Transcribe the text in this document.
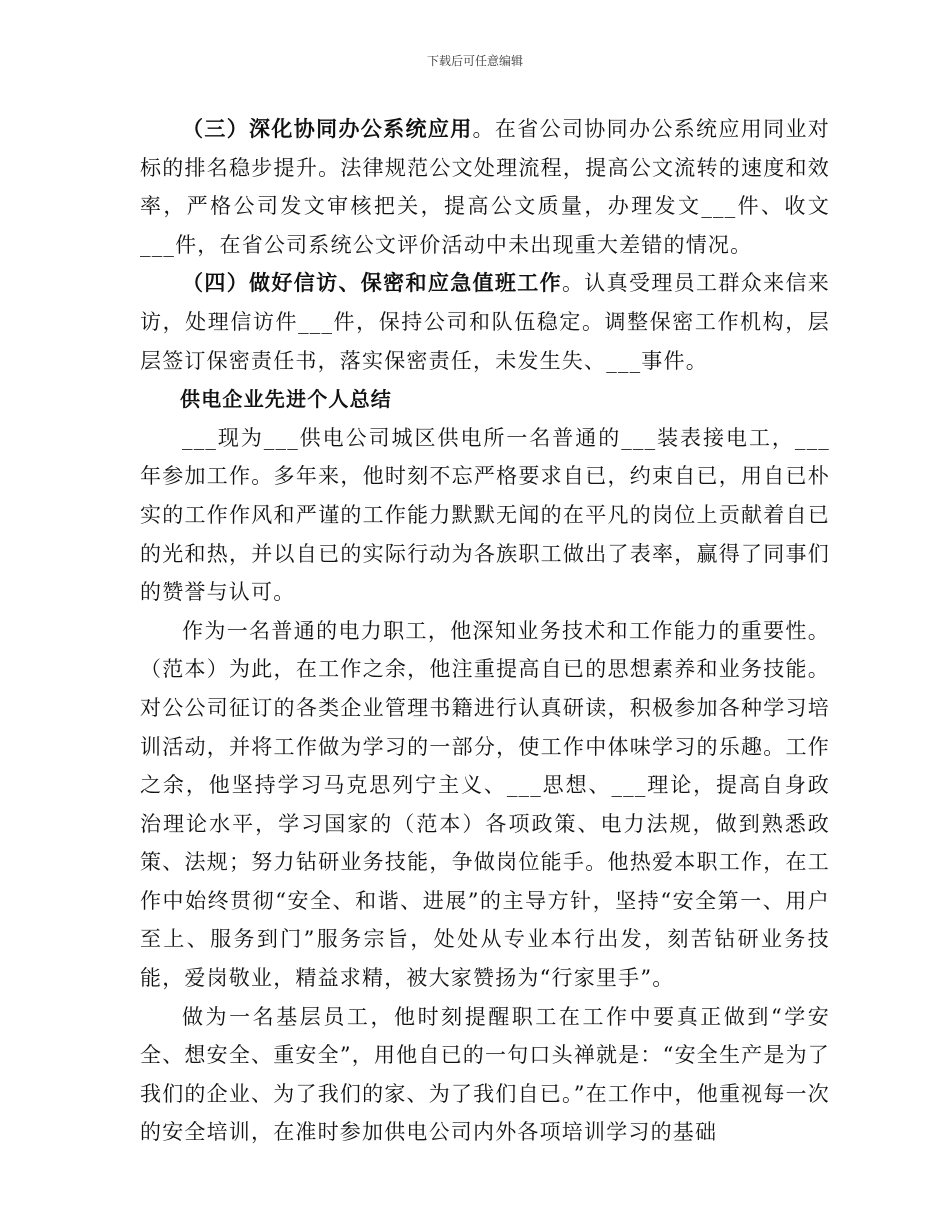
下载后可任意编辑

（三）深化协同办公系统应用。在省公司协同办公系统应用同业对标的排名稳步提升。法律规范公文处理流程，提高公文流转的速度和效率，严格公司发文审核把关，提高公文质量，办理发文___件、收文___件，在省公司系统公文评价活动中未出现重大差错的情况。

（四）做好信访、保密和应急值班工作。认真受理员工群众来信来访，处理信访件___件，保持公司和队伍稳定。调整保密工作机构，层层签订保密责任书，落实保密责任，未发生失、___事件。

供电企业先进个人总结

___现为___供电公司城区供电所一名普通的___装表接电工，___年参加工作。多年来，他时刻不忘严格要求自已，约束自已，用自已朴实的工作作风和严谨的工作能力默默无闻的在平凡的岗位上贡献着自已的光和热，并以自已的实际行动为各族职工做出了表率，赢得了同事们的赞誉与认可。

作为一名普通的电力职工，他深知业务技术和工作能力的重要性。（范本）为此，在工作之余，他注重提高自已的思想素养和业务技能。对公公司征订的各类企业管理书籍进行认真研读，积极参加各种学习培训活动，并将工作做为学习的一部分，使工作中体味学习的乐趣。工作之余，他坚持学习马克思列宁主义、___思想、___理论，提高自身政治理论水平，学习国家的（范本）各项政策、电力法规，做到熟悉政策、法规；努力钻研业务技能，争做岗位能手。他热爱本职工作，在工作中始终贯彻“安全、和谐、进展”的主导方针，坚持“安全第一、用户至上、服务到门”服务宗旨，处处从专业本行出发，刻苦钻研业务技能，爱岗敬业，精益求精，被大家赞扬为“行家里手”。

做为一名基层员工，他时刻提醒职工在工作中要真正做到“学安全、想安全、重安全”，用他自已的一句口头禅就是：“安全生产是为了我们的企业、为了我们的家、为了我们自已。”在工作中，他重视每一次的安全培训，在准时参加供电公司内外各项培训学习的基础
